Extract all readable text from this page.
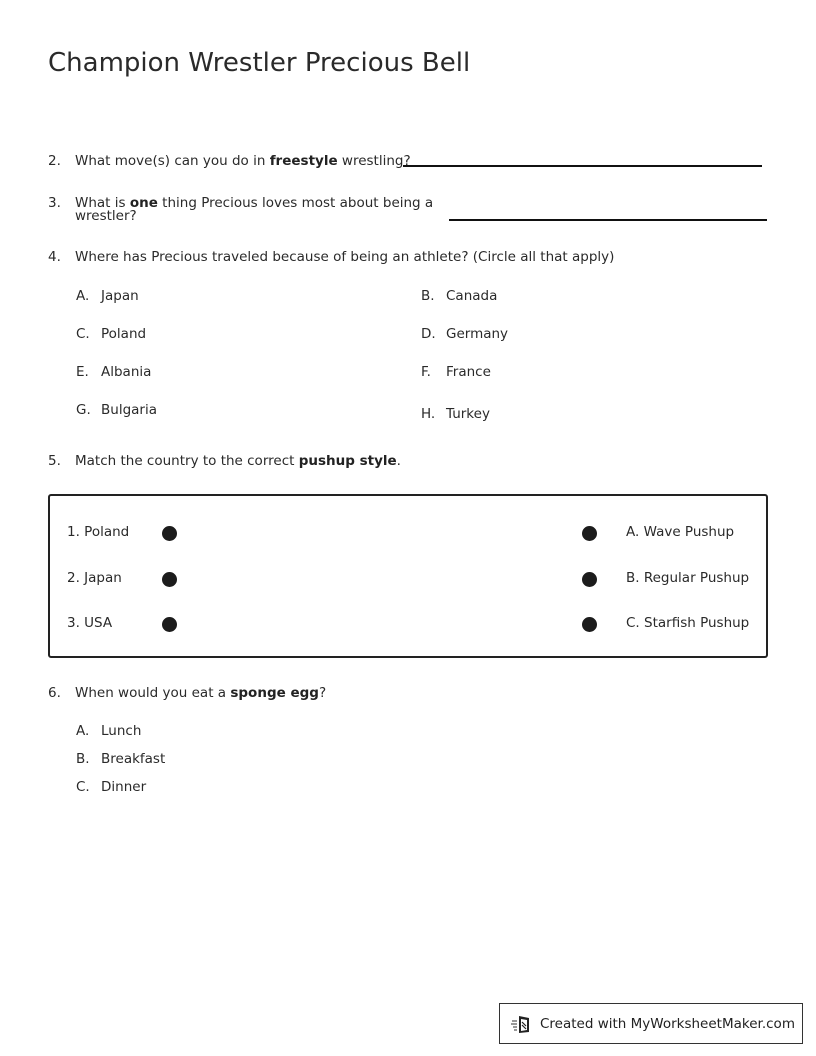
Champion Wrestler Precious Bell
2. What move(s) can you do in freestyle wrestling?
3. What is one thing Precious loves most about being a
wrestler?
4. Where has Precious traveled because of being an athlete? (Circle all that apply)
A. Japan	B. Canada
C. Poland	D. Germany
E. Albania	F. France
G. Bulgaria	H. Turkey
5. Match the country to the correct pushup style.
1. Poland	A. Wave Pushup
2. Japan	B. Regular Pushup
3. USA	C. Starfish Pushup
6. When would you eat a sponge egg?
A. Lunch
B. Breakfast
C. Dinner
Created with MyWorksheetMaker.com
